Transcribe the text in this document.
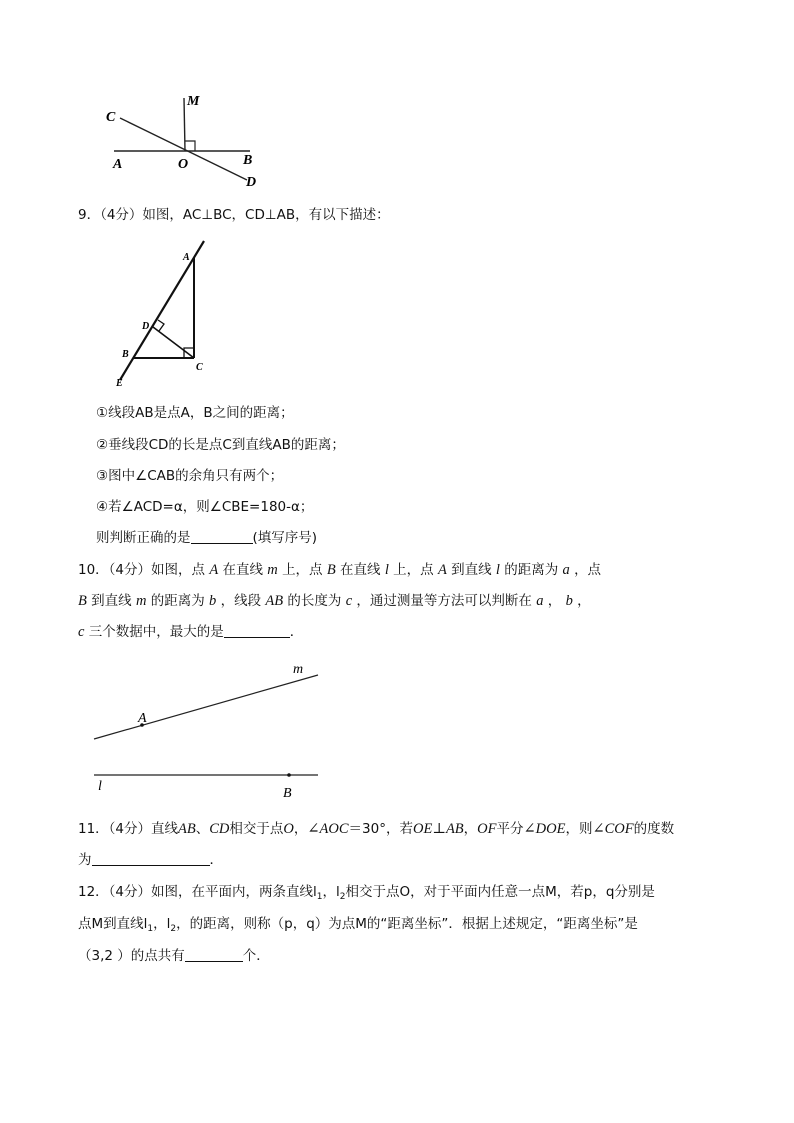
C
M
A	O	B
D
9．（4分）如图，AC⊥BC，CD⊥AB，有以下描述：
A
D
B
C
E
①线段AB是点A，B之间的距离；
②垂线段CD的长是点C到直线AB的距离；
③图中∠CAB的余角只有两个；
④若∠ACD=α，则∠CBE=180-α；
则判断正确的是	(填写序号)
10．（4分）如图，点 A 在直线 m 上，点 B 在直线 l 上，点 A 到直线 l 的距离为 a ，点
B 到直线 m 的距离为 b ，线段 AB 的长度为 c ，通过测量等方法可以判断在 a ， b ，
c 三个数据中，最大的是	．
m
A
l	B
11．（4分）直线AB、CD相交于点O，∠AOC＝30°，若OE⊥AB，OF平分∠DOE，则∠COF的度数
为	．
12．（4分）如图，在平面内，两条直线$l_1$，$l_2$相交于点O，对于平面内任意一点M，若p，q分别是
点M到直线$l_1$，$l_2$，的距离，则称（p，q）为点M的“距离坐标”．根据上述规定，“距离坐标”是
（3,2 ）的点共有	个．
